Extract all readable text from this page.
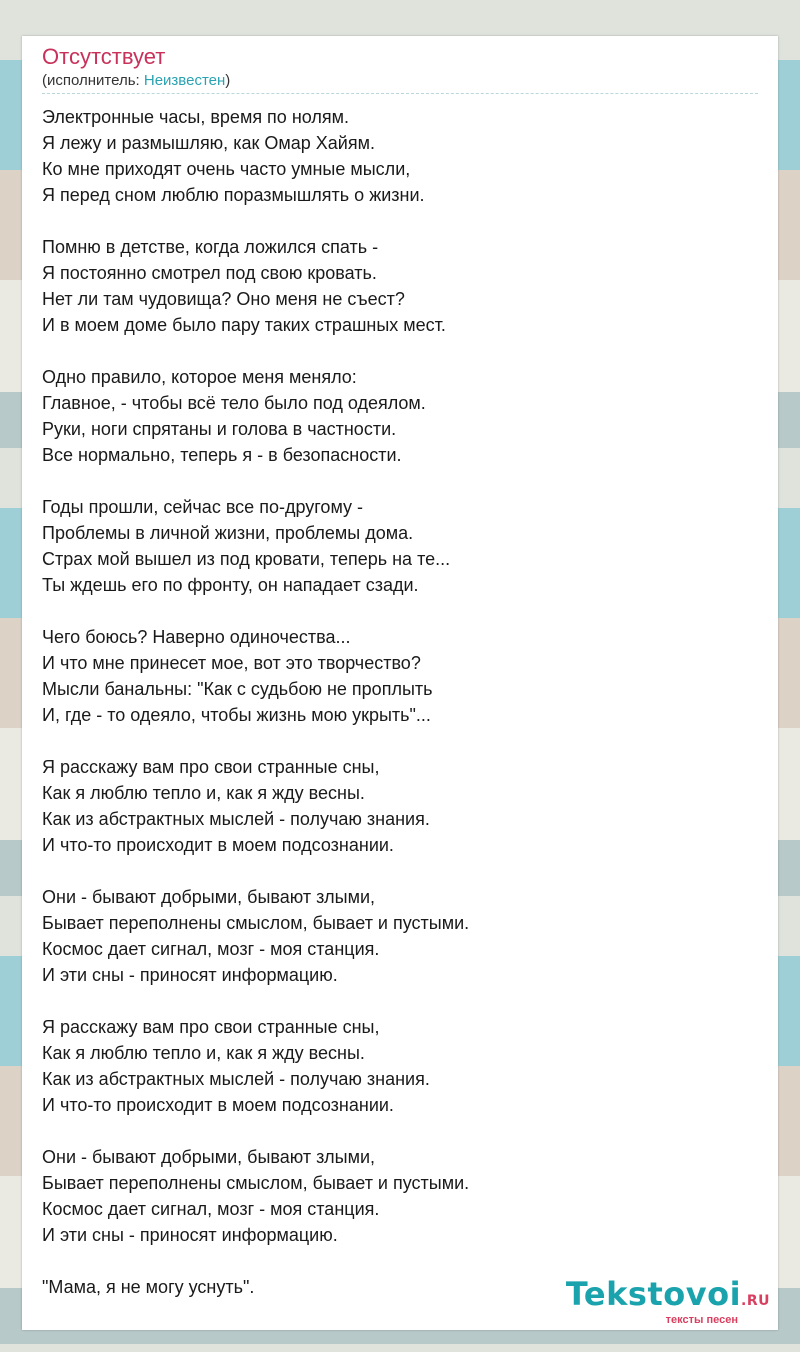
Отсутствует
(исполнитель: Неизвестен)
Электронные часы, время по нолям.
Я лежу и размышляю, как Омар Хайям.
Ко мне приходят очень часто умные мысли,
Я перед сном люблю поразмышлять о жизни.
Помню в детстве, когда ложился спать -
Я постоянно смотрел под свою кровать.
Нет ли там чудовища? Оно меня не съест?
И в моем доме было пару таких страшных мест.
Одно правило, которое меня меняло:
Главное, - чтобы всё тело было под одеялом.
Руки, ноги спрятаны и голова в частности.
Все нормально, теперь я - в безопасности.
Годы прошли, сейчас все по-другому -
Проблемы в личной жизни, проблемы дома.
Страх мой вышел из под кровати, теперь на те...
Ты ждешь его по фронту, он нападает сзади.
Чего боюсь? Наверно одиночества...
И что мне принесет мое, вот это творчество?
Мысли банальны: "Как с судьбою не проплыть
И, где - то одеяло, чтобы жизнь мою укрыть"...
Я расскажу вам про свои странные сны,
Как я люблю тепло и, как я жду весны.
Как из абстрактных мыслей - получаю знания.
И что-то происходит в моем подсознании.
Они - бывают добрыми, бывают злыми,
Бывает переполнены смыслом, бывает и пустыми.
Космос дает сигнал, мозг - моя станция.
И эти сны - приносят информацию.
Я расскажу вам про свои странные сны,
Как я люблю тепло и, как я жду весны.
Как из абстрактных мыслей - получаю знания.
И что-то происходит в моем подсознании.
Они - бывают добрыми, бывают злыми,
Бывает переполнены смыслом, бывает и пустыми.
Космос дает сигнал, мозг - моя станция.
И эти сны - приносят информацию.
"Мама, я не могу уснуть".	Tekstovoi.RU
тексты песен
